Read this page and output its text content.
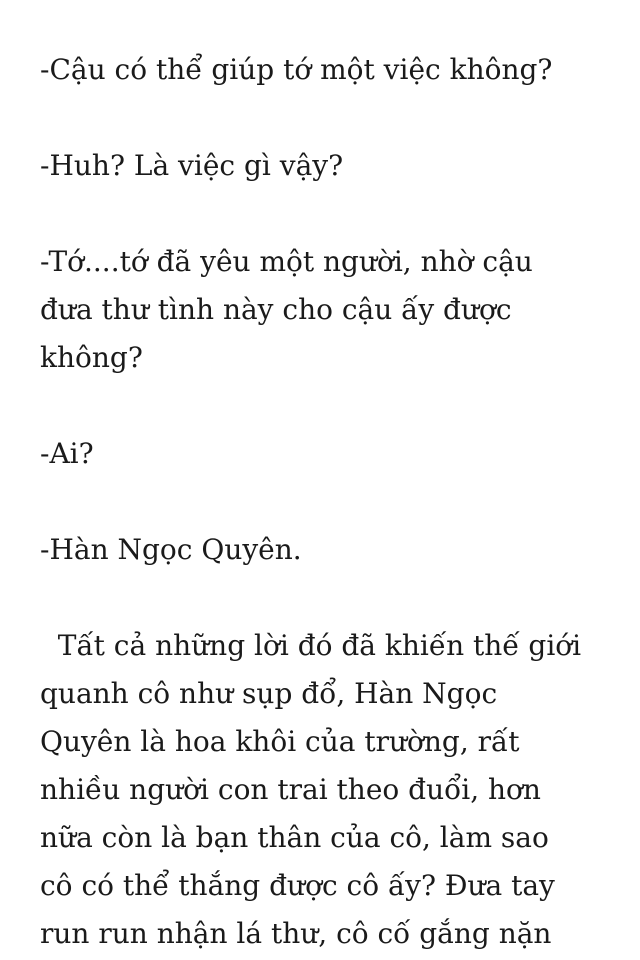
-Cậu có thể giúp tớ một việc không?

-Huh? Là việc gì vậy?

-Tớ....tớ đã yêu một người, nhờ cậu
đưa thư tình này cho cậu ấy được
không?

-Ai?

-Hàn Ngọc Quyên.

Tất cả những lời đó đã khiến thế giới
quanh cô như sụp đổ, Hàn Ngọc
Quyên là hoa khôi của trường, rất
nhiều người con trai theo đuổi, hơn
nữa còn là bạn thân của cô, làm sao
cô có thể thắng được cô ấy? Đưa tay
run run nhận lá thư, cô cố gắng nặn
